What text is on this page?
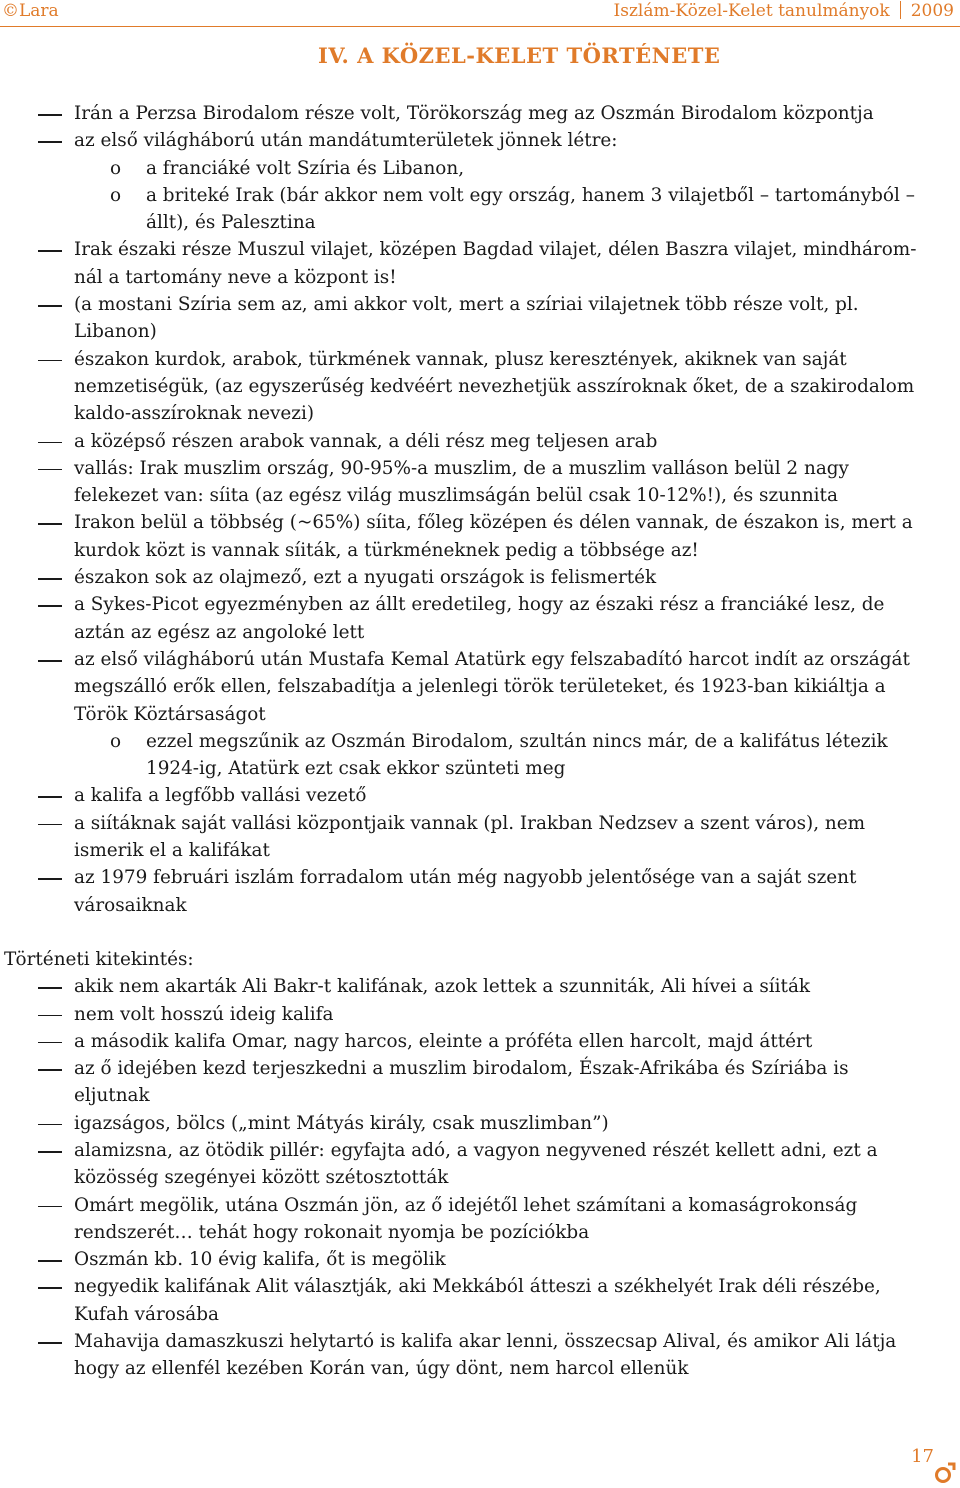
©Lara	Iszlám-Közel-Kelet tanulmányok 2009
IV. A KÖZEL-KELET TÖRTÉNETE
Irán a Perzsa Birodalom része volt, Törökország meg az Oszmán Birodalom központja
az első világháború után mandátumterületek jönnek létre:
o a franciáké volt Szíria és Libanon,
o a briteké Irak (bár akkor nem volt egy ország, hanem 3 vilajetből – tartományból – állt), és Palesztina
Irak északi része Muszul vilajet, középen Bagdad vilajet, délen Baszra vilajet, mindháromnál a tartomány neve a központ is!
(a mostani Szíria sem az, ami akkor volt, mert a szíriai vilajetnek több része volt, pl. Libanon)
északon kurdok, arabok, türkmének vannak, plusz keresztények, akiknek van saját nemzetiségük, (az egyszerűség kedvéért nevezhetjük asszíroknak őket, de a szakirodalom kaldo-asszíroknak nevezi)
a középső részen arabok vannak, a déli rész meg teljesen arab
vallás: Irak muszlim ország, 90-95%-a muszlim, de a muszlim valláson belül 2 nagy felekezet van: síita (az egész világ muszlimságán belül csak 10-12%!), és szunnita
Irakon belül a többség (~65%) síita, főleg középen és délen vannak, de északon is, mert a kurdok közt is vannak síiták, a türkméneknek pedig a többsége az!
északon sok az olajmező, ezt a nyugati országok is felismerték
a Sykes-Picot egyezményben az állt eredetileg, hogy az északi rész a franciáké lesz, de aztán az egész az angoloké lett
az első világháború után Mustafa Kemal Atatürk egy felszabadító harcot indít az országát megszálló erők ellen, felszabadítja a jelenlegi török területeket, és 1923-ban kikiáltja a Török Köztársaságot
o ezzel megszűnik az Oszmán Birodalom, szultán nincs már, de a kalifátus létezik 1924-ig, Atatürk ezt csak ekkor szünteti meg
a kalifa a legfőbb vallási vezető
a siítáknak saját vallási központjaik vannak (pl. Irakban Nedzsev a szent város), nem ismerik el a kalifákat
az 1979 februári iszlám forradalom után még nagyobb jelentősége van a saját szent városaiknak
Történeti kitekintés:
akik nem akarták Ali Bakr-t kalifának, azok lettek a szunniták, Ali hívei a síiták
nem volt hosszú ideig kalifa
a második kalifa Omar, nagy harcos, eleinte a próféta ellen harcolt, majd áttért
az ő idejében kezd terjeszkedni a muszlim birodalom, Észak-Afrikába és Szíriába is eljutnak
igazságos, bölcs („mint Mátyás király, csak muszlimban”)
alamizsna, az ötödik pillér: egyfajta adó, a vagyon negyvened részét kellett adni, ezt a közösség szegényei között szétosztották
Omárt megölik, utána Oszmán jön, az ő idejétől lehet számítani a komaságrokonság rendszerét… tehát hogy rokonait nyomja be pozíciókba
Oszmán kb. 10 évig kalifa, őt is megölik
negyedik kalifának Alit választják, aki Mekkából átteszi a székhelyét Irak déli részébe, Kufah városába
Mahavija damaszkuszi helytartó is kalifa akar lenni, összecsap Alival, és amikor Ali látja hogy az ellenfél kezében Korán van, úgy dönt, nem harcol ellenük
17
